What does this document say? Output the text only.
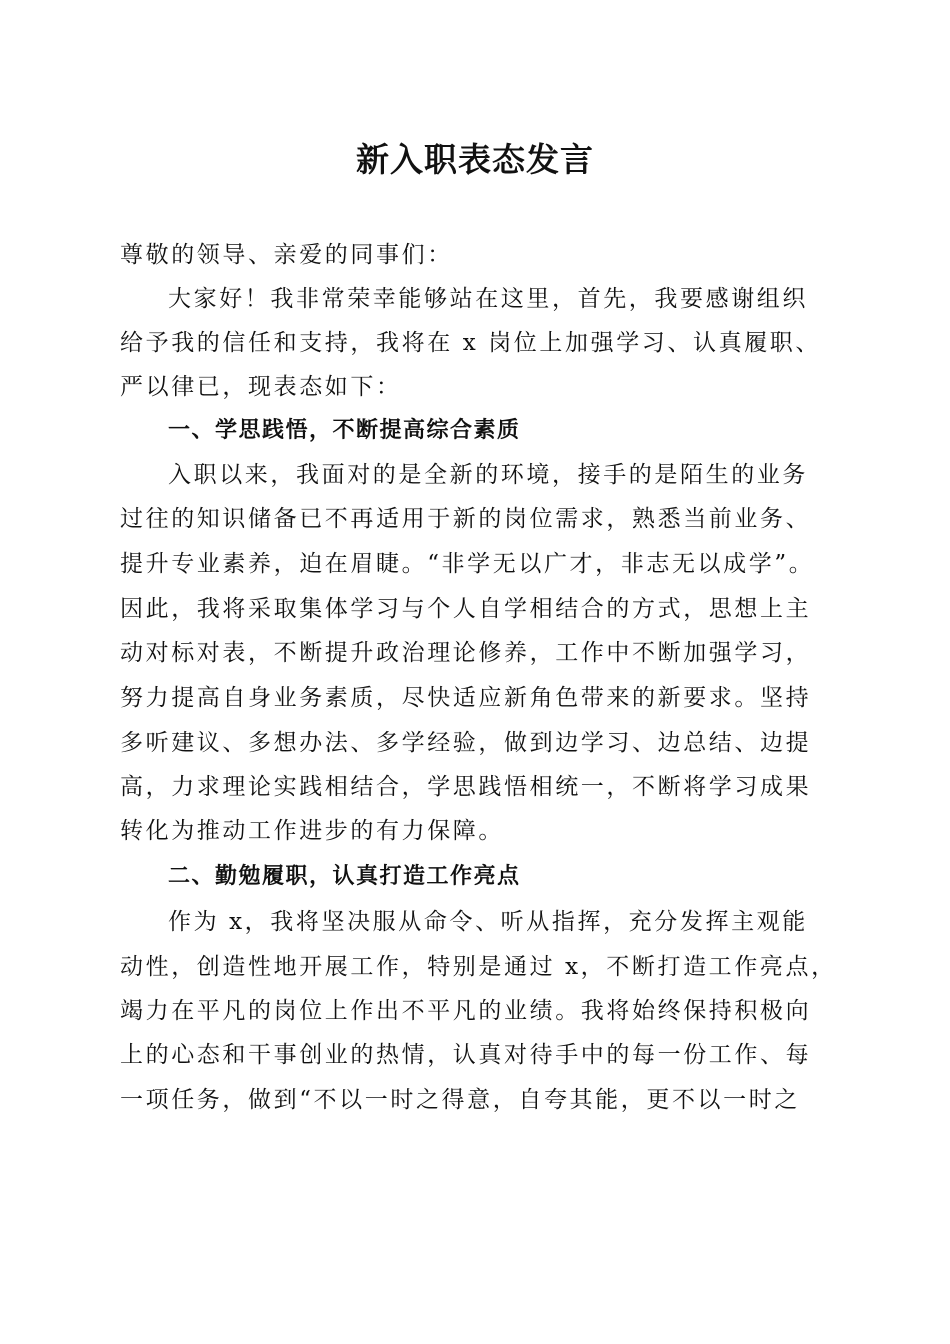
新入职表态发言
尊敬的领导、亲爱的同事们：
大家好！我非常荣幸能够站在这里，首先，我要感谢组织
给予我的信任和支持，我将在 x 岗位上加强学习、认真履职、
严以律已，现表态如下：
一、学思践悟，不断提高综合素质
入职以来，我面对的是全新的环境，接手的是陌生的业务
过往的知识储备已不再适用于新的岗位需求，熟悉当前业务、
提升专业素养，迫在眉睫。“非学无以广才，非志无以成学”。
因此，我将采取集体学习与个人自学相结合的方式，思想上主
动对标对表，不断提升政治理论修养，工作中不断加强学习，
努力提高自身业务素质，尽快适应新角色带来的新要求。坚持
多听建议、多想办法、多学经验，做到边学习、边总结、边提
高，力求理论实践相结合，学思践悟相统一，不断将学习成果
转化为推动工作进步的有力保障。
二、勤勉履职，认真打造工作亮点
作为 x，我将坚决服从命令、听从指挥，充分发挥主观能
动性，创造性地开展工作，特别是通过 x，不断打造工作亮点，
竭力在平凡的岗位上作出不平凡的业绩。我将始终保持积极向
上的心态和干事创业的热情，认真对待手中的每一份工作、每
一项任务，做到“不以一时之得意，自夸其能，更不以一时之
